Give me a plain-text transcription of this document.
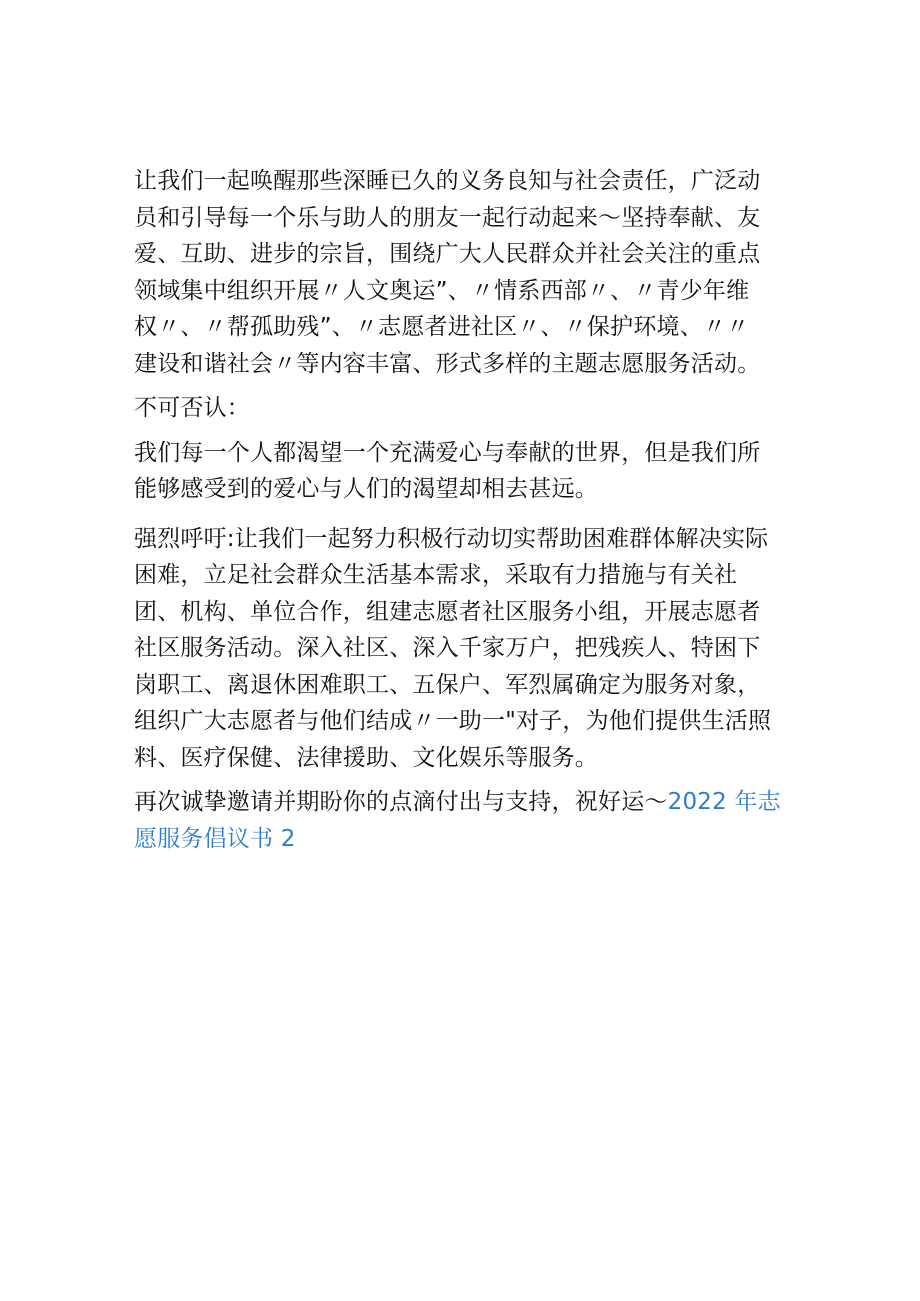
让我们一起唤醒那些深睡已久的义务良知与社会责任，广泛动
员和引导每一个乐与助人的朋友一起行动起来～坚持奉献、友
爱、互助、进步的宗旨，围绕广大人民群众并社会关注的重点
领域集中组织开展〃人文奥运”、〃情系西部〃、〃青少年维
权〃、〃帮孤助残”、〃志愿者进社区〃、〃保护环境、〃〃
建设和谐社会〃等内容丰富、形式多样的主题志愿服务活动。
不可否认：
我们每一个人都渴望一个充满爱心与奉献的世界，但是我们所
能够感受到的爱心与人们的渴望却相去甚远。
强烈呼吁:让我们一起努力积极行动切实帮助困难群体解决实际
困难，立足社会群众生活基本需求，采取有力措施与有关社
团、机构、单位合作，组建志愿者社区服务小组，开展志愿者
社区服务活动。深入社区、深入千家万户，把残疾人、特困下
岗职工、离退休困难职工、五保户、军烈属确定为服务对象，
组织广大志愿者与他们结成〃一助一"对子，为他们提供生活照
料、医疗保健、法律援助、文化娱乐等服务。
再次诚挚邀请并期盼你的点滴付出与支持，祝好运～2022 年志
愿服务倡议书 2
